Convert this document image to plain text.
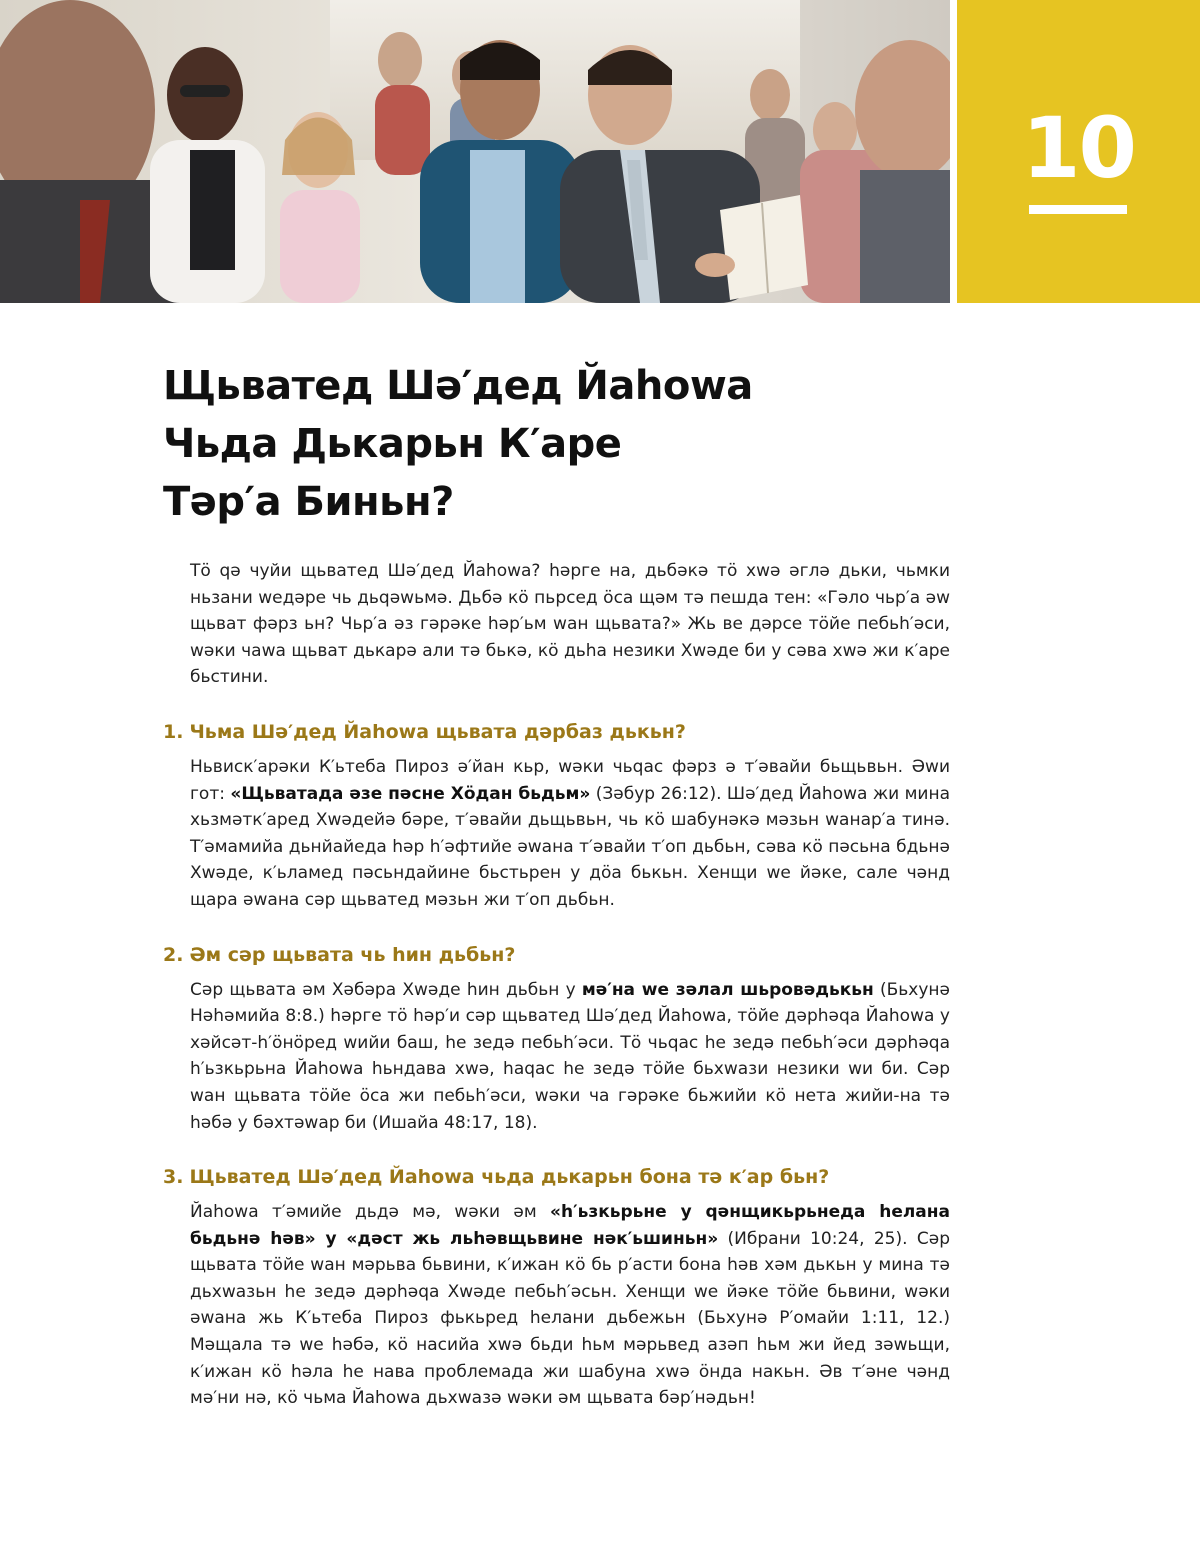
10
Щьватед Шә′дед Йаhowa
Чьда Дькарьн К′аре
Тәр′а Биньн?

Тӧ qә чуйи щьватед Шә′дед Йаhowa? hәрге на, дьбәкә тӧ хwә әглә дьки, чьмки ньзани wедәре чь дьqәwьмә. Дьбә кӧ пьрсед ӧса щәм тә пешда тен: «Гәло чьр′а әw щьват фәрз ьн? Чьр′а әз гәрәке hәр′ьм wан щьвата?» Жь ве дәрсе тӧйе пебьh′әси, wәки чаwа щьват дькарә али тә бькә, кӧ дьhа незики Хwәде би у сәва хwә жи к′аре бьстини.

1. Чьма Шә′дед Йаhowa щьвата дәрбаз дькьн?

Ньвиск′арәки К′ьтеба Пироз ә′йан кьр, wәки чьqас фәрз ә т′әвайи бьщьвьн. Әwи гот: «Щьватада әзе пәсне Хӧдан бьдьм» (Зәбур 26:12). Шә′дед Йаhowa жи мина хьзмәтк′аред Хwәдейә бәре, т′әвайи дьщьвьн, чь кӧ шабунәкә мәзьн wанар′а тинә. Т′әмамийа дьнйайеда hәр h′әфтийе әwана т′әвайи т′оп дьбьн, сәва кӧ пәсьна бдьнә Хwәде, к′ьламед пәсьндайине бьстьрен у дӧа бькьн. Хенщи we йәке, сале чәнд щара әwана сәр щьватед мәзьн жи т′оп дьбьн.

2. Әм сәр щьвата чь hин дьбьн?

Сәр щьвата әм Хәбәра Хwәде hин дьбьн у мә′на we зәлал шьровәдькьн (Бьхунә Нәhәмийа 8:8.) hәрге тӧ hәр′и сәр щьватед Шә′дед Йаhowa, тӧйе дәрhәqа Йаhowa у хәйсәт-h′ӧнӧред wийи баш, hе зедә пебьh′әси. Тӧ чьqас hе зедә пебьh′әси дәрhәqа h′ьзкьрьна Йаhowa hьндава хwә, hаqас hе зедә тӧйе бьхwази незики wи би. Сәр wан щьвата тӧйе ӧса жи пебьh′әси, wәки ча гәрәке бьжийи кӧ нета жийи-на тә hәбә у бәхтәwар би (Ишайа 48:17, 18).

3. Щьватед Шә′дед Йаhowa чьда дькарьн бона тә к′ар бьн?

Йаhowa т′әмийе дьдә мә, wәки әм «h′ьзкьрьне у qәнщикьрьнеда hелана бьдьнә hәв» у «дәст жь льhәвщьвине нәк′ьшиньн» (Ибрани 10:24, 25). Сәр щьвата тӧйе wан мәрьва бьвини, к′ижан кӧ бь р′асти бона hәв хәм дькьн у мина тә дьхwазьн hе зедә дәрhәqа Хwәде пебьh′әсьн. Хенщи we йәке тӧйе бьвини, wәки әwана жь К′ьтеба Пироз фькьред hелани дьбежьн (Бьхунә Р′омайи 1:11, 12.) Мәщала тә we hәбә, кӧ насийа хwә бьди hьм мәрьвед азәп hьм жи йед зәwьщи, к′ижан кӧ hәла hе нава проблемада жи шабуна хwә ӧнда накьн. Әв т′әне чәнд мә′ни нә, кӧ чьма Йаhowa дьхwазә wәки әм щьвата бәр′нәдьн!
